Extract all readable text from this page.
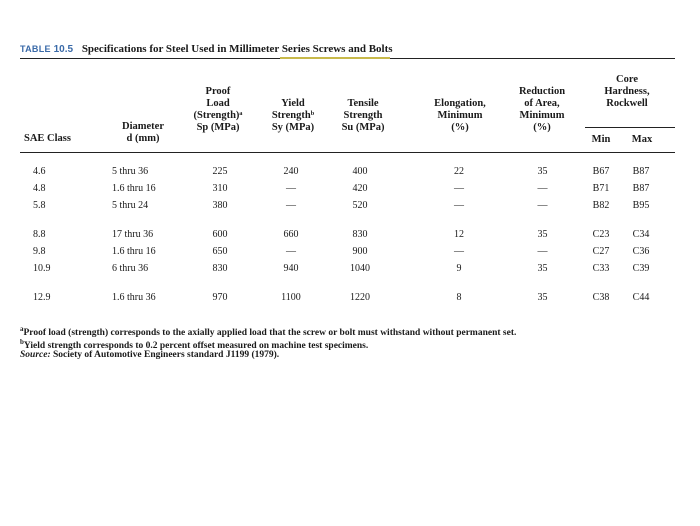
TABLE 10.5 Specifications for Steel Used in Millimeter Series Screws and Bolts
SAE Class
Diameter
d (mm)
Proof
Load
(Strength)ᵃ
Sp (MPa)
Yield
Strengthᵇ
Sy (MPa)
Tensile
Strength
Su (MPa)
Elongation,
Minimum
(%)
Reduction
of Area,
Minimum
(%)
Core
Hardness,
Rockwell
Min	Max
4.6	5 thru 36	225	240	400	22	35	B67	B87
4.8	1.6 thru 16	310	—	420	—	—	B71	B87
5.8	5 thru 24	380	—	520	—	—	B82	B95
8.8	17 thru 36	600	660	830	12	35	C23	C34
9.8	1.6 thru 16	650	—	900	—	—	C27	C36
10.9	6 thru 36	830	940	1040	9	35	C33	C39
12.9	1.6 thru 36	970	1100	1220	8	35	C38	C44
$^a$Proof load (strength) corresponds to the axially applied load that the screw or bolt must withstand without permanent set.
$^b$Yield strength corresponds to 0.2 percent offset measured on machine test specimens.
Source: Society of Automotive Engineers standard J1199 (1979).
